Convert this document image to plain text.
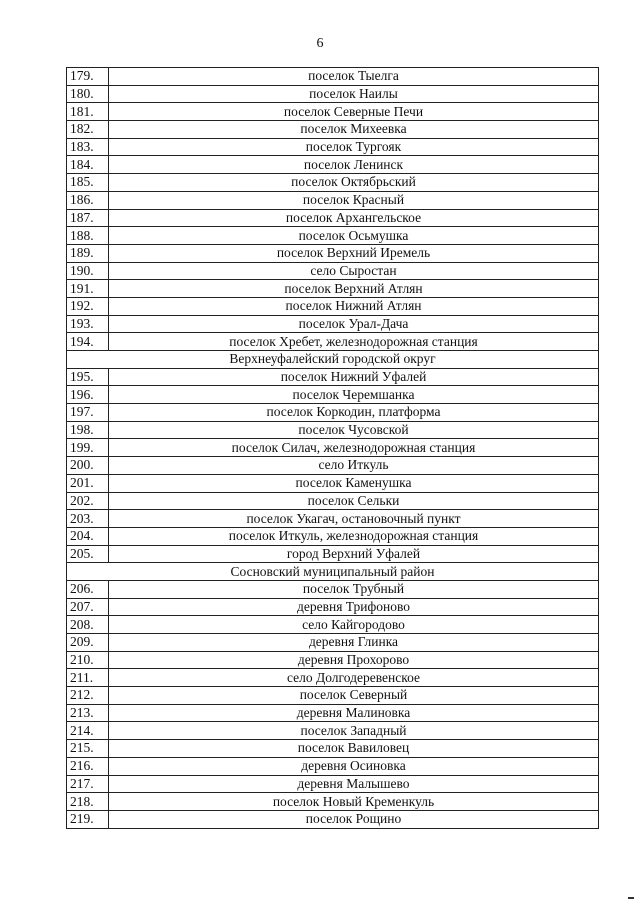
6
179.	поселок Тыелга
180.	поселок Наилы
181.	поселок Северные Печи
182.	поселок Михеевка
183.	поселок Тургояк
184.	поселок Ленинск
185.	поселок Октябрьский
186.	поселок Красный
187.	поселок Архангельское
188.	поселок Осьмушка
189.	поселок Верхний Иремель
190.	село Сыростан
191.	поселок Верхний Атлян
192.	поселок Нижний Атлян
193.	поселок Урал-Дача
194.	поселок Хребет, железнодорожная станция
Верхнеуфалейский городской округ	
195.	поселок Нижний Уфалей
196.	поселок Черемшанка
197.	поселок Коркодин, платформа
198.	поселок Чусовской
199.	поселок Силач, железнодорожная станция
200.	село Иткуль
201.	поселок Каменушка
202.	поселок Сельки
203.	поселок Укагач, остановочный пункт
204.	поселок Иткуль, железнодорожная станция
205.	город Верхний Уфалей
Сосновский муниципальный район	
206.	поселок Трубный
207.	деревня Трифоново
208.	село Кайгородово
209.	деревня Глинка
210.	деревня Прохорово
211.	село Долгодеревенское
212.	поселок Северный
213.	деревня Малиновка
214.	поселок Западный
215.	поселок Вавиловец
216.	деревня Осиновка
217.	деревня Малышево
218.	поселок Новый Кременкуль
219.	поселок Рощино
